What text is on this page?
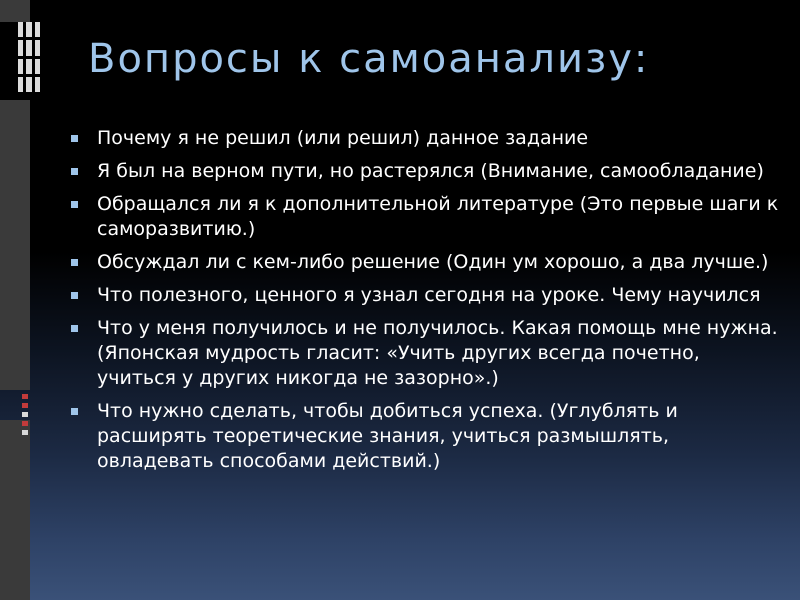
Вопросы к самоанализу:
Почему я не решил (или решил) данное задание
Я был на верном пути, но растерялся (Внимание, самообладание)
Обращался ли я к дополнительной литературе (Это первые шаги к саморазвитию.)
Обсуждал ли с кем-либо решение (Один ум хорошо, а два лучше.)
Что полезного, ценного я узнал сегодня на уроке. Чему научился
Что у меня получилось и не получилось. Какая помощь мне нужна. (Японская мудрость гласит: «Учить других всегда почетно, учиться у других никогда не зазорно».)
Что нужно сделать, чтобы добиться успеха. (Углублять и расширять теоретические знания, учиться размышлять, овладевать способами действий.)
